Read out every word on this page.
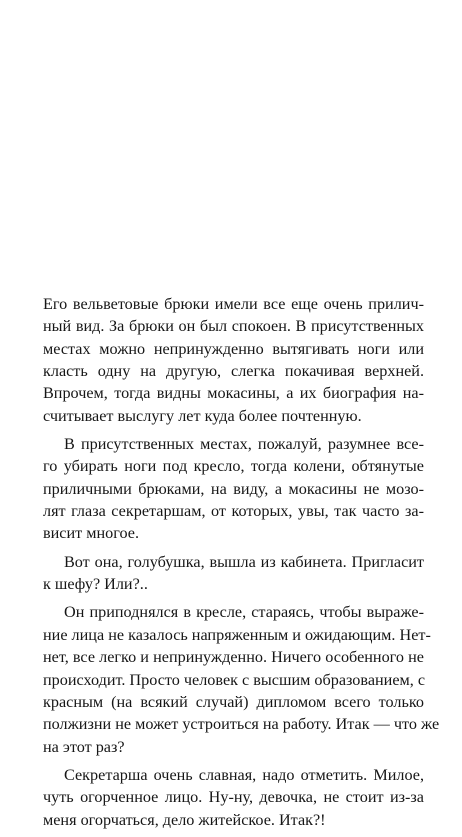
Его вельветовые брюки имели все еще очень прилич-
ный вид. За брюки он был спокоен. В присутственных
местах можно непринужденно вытягивать ноги или
класть одну на другую, слегка покачивая верхней.
Впрочем, тогда видны мокасины, а их биография на-
считывает выслугу лет куда более почтенную.
В присутственных местах, пожалуй, разумнее все-
го убирать ноги под кресло, тогда колени, обтянутые
приличными брюками, на виду, а мокасины не мозо-
лят глаза секретаршам, от которых, увы, так часто за-
висит многое.
Вот она, голубушка, вышла из кабинета. Пригласит
к шефу? Или?..
Он приподнялся в кресле, стараясь, чтобы выраже-
ние лица не казалось напряженным и ожидающим. Нет-
нет, все легко и непринужденно. Ничего особенного не
происходит. Просто человек с высшим образованием, с
красным (на всякий случай) дипломом всего только
полжизни не может устроиться на работу. Итак — что же
на этот раз?
Секретарша очень славная, надо отметить. Милое,
чуть огорченное лицо. Ну-ну, девочка, не стоит из-за
меня огорчаться, дело житейское. Итак?!
